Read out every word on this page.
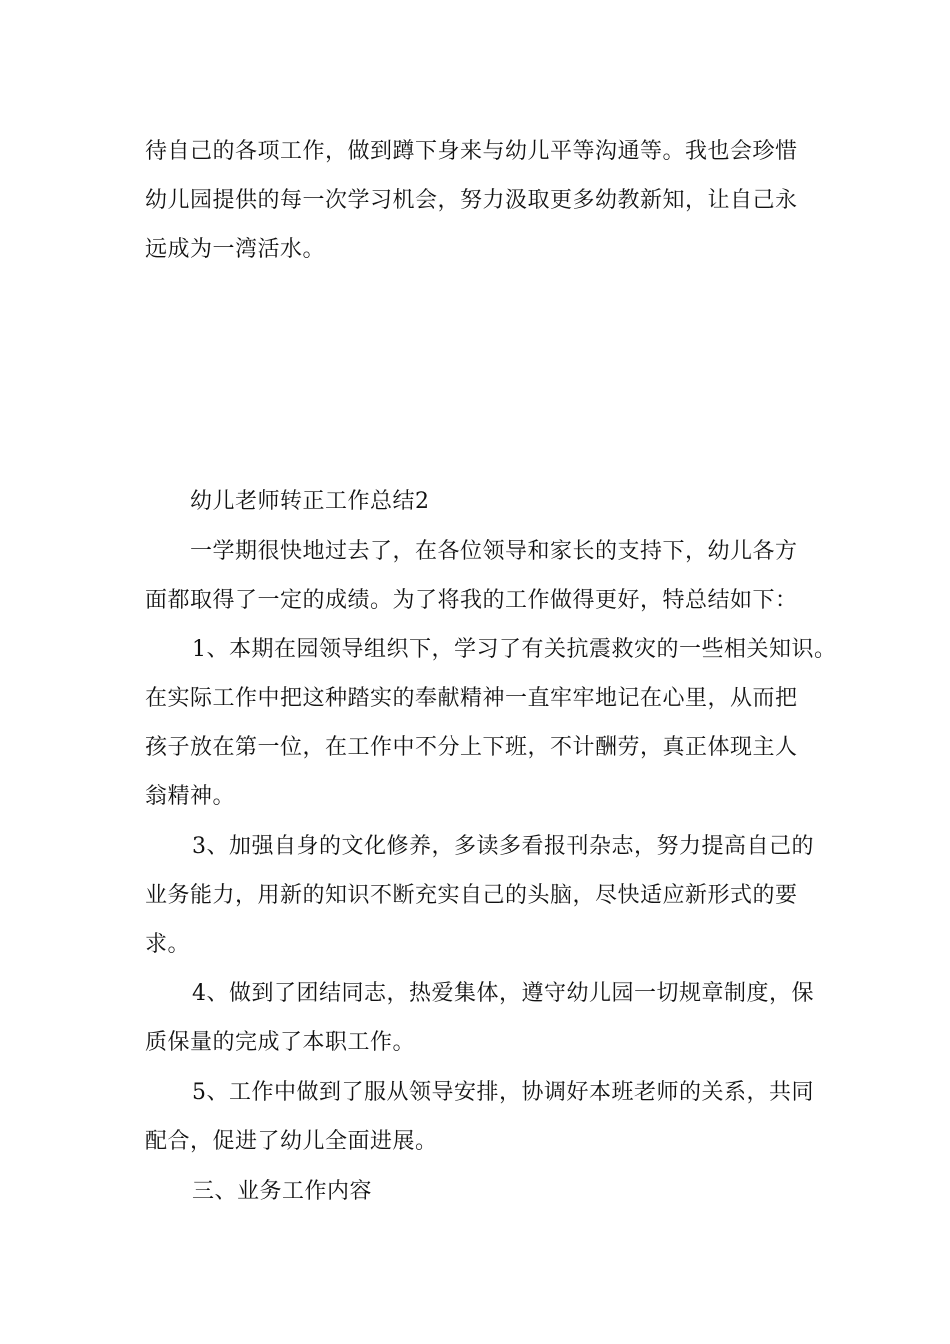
待自己的各项工作，做到蹲下身来与幼儿平等沟通等。我也会珍惜
幼儿园提供的每一次学习机会，努力汲取更多幼教新知，让自己永
远成为一湾活水。

幼儿老师转正工作总结2

一学期很快地过去了，在各位领导和家长的支持下，幼儿各方
面都取得了一定的成绩。为了将我的工作做得更好，特总结如下：

1、本期在园领导组织下，学习了有关抗震救灾的一些相关知识。
在实际工作中把这种踏实的奉献精神一直牢牢地记在心里，从而把
孩子放在第一位，在工作中不分上下班，不计酬劳，真正体现主人
翁精神。

3、加强自身的文化修养，多读多看报刊杂志，努力提高自己的
业务能力，用新的知识不断充实自己的头脑，尽快适应新形式的要
求。

4、做到了团结同志，热爱集体，遵守幼儿园一切规章制度，保
质保量的完成了本职工作。

5、工作中做到了服从领导安排，协调好本班老师的关系，共同
配合，促进了幼儿全面进展。

三、业务工作内容
